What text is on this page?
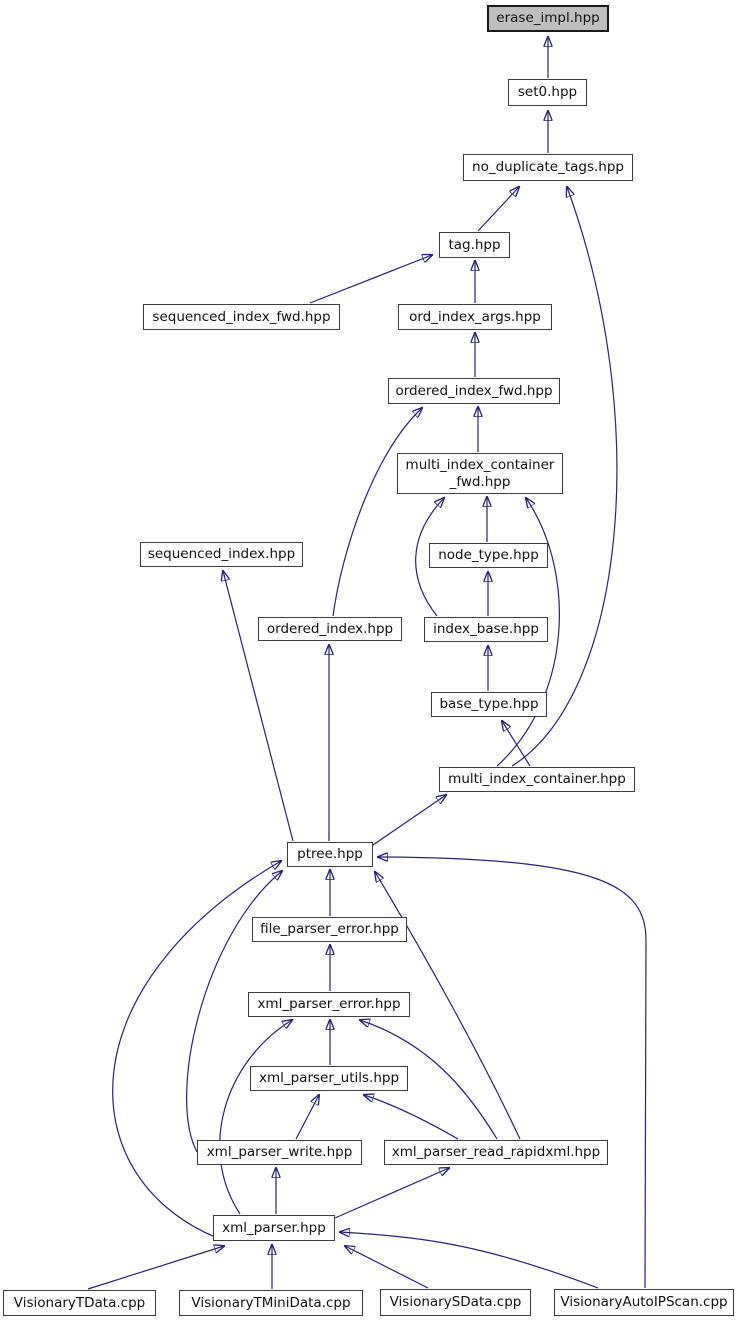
erase_impl.hpp
set0.hpp
no_duplicate_tags.hpp
tag.hpp
sequenced_index_fwd.hpp	ord_index_args.hpp
ordered_index_fwd.hpp
multi_index_container
_fwd.hpp
sequenced_index.hpp	node_type.hpp
ordered_index.hpp	index_base.hpp
base_type.hpp
multi_index_container.hpp
ptree.hpp
file_parser_error.hpp
xml_parser_error.hpp
xml_parser_utils.hpp
xml_parser_write.hpp	xml_parser_read_rapidxml.hpp
xml_parser.hpp
VisionaryTData.cpp	VisionaryTMiniData.cpp	VisionarySData.cpp	VisionaryAutoIPScan.cpp
